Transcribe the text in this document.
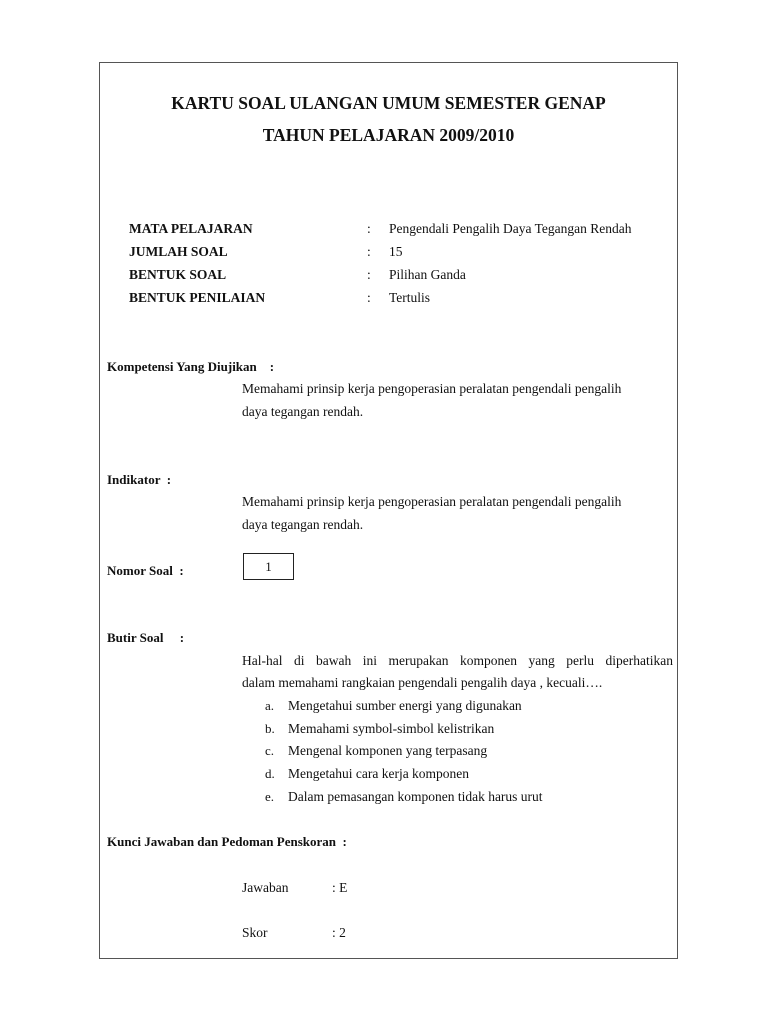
KARTU SOAL ULANGAN UMUM SEMESTER GENAP
TAHUN PELAJARAN 2009/2010
MATA PELAJARAN	: Pengendali Pengalih Daya Tegangan Rendah
JUMLAH SOAL	: 15
BENTUK SOAL	: Pilihan Ganda
BENTUK PENILAIAN	: Tertulis
Kompetensi Yang Diujikan    :
Memahami prinsip kerja pengoperasian peralatan pengendali pengalih
daya tegangan rendah.
Indikator  :
Memahami prinsip kerja pengoperasian peralatan pengendali pengalih
daya tegangan rendah.
Nomor Soal  :	1
Butir Soal     :
Hal-hal di bawah ini merupakan komponen yang perlu diperhatikan
dalam memahami rangkaian pengendali pengalih daya , kecuali….
a. Mengetahui sumber energi yang digunakan
b. Memahami symbol-simbol kelistrikan
c. Mengenal komponen yang terpasang
d. Mengetahui cara kerja komponen
e. Dalam pemasangan komponen tidak harus urut
Kunci Jawaban dan Pedoman Penskoran  :
Jawaban	: E
Skor	: 2
